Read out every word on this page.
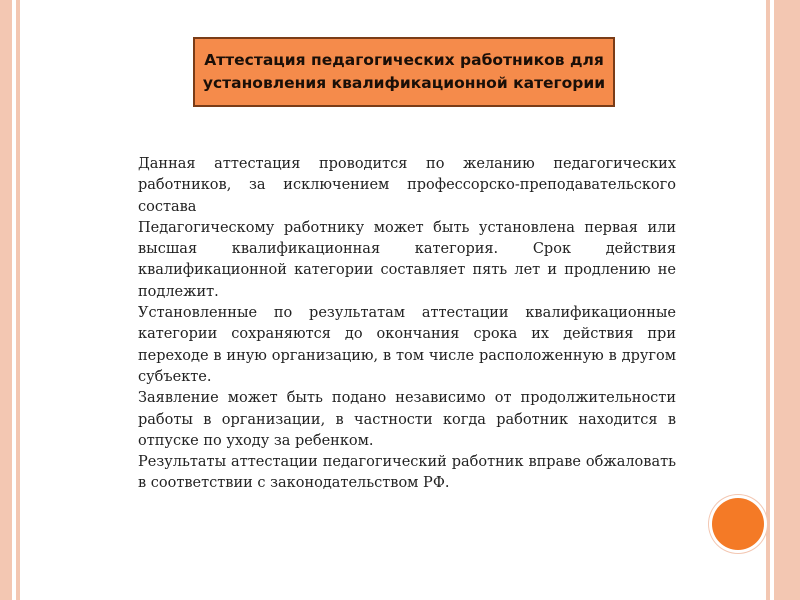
Аттестация педагогических работников для установления квалификационной категории

Данная аттестация проводится по желанию педагогических работников, за исключением профессорско-преподавательского состава

Педагогическому работнику может быть установлена первая или высшая квалификационная категория. Срок действия квалификационной категории составляет пять лет и продлению не подлежит.

Установленные по результатам аттестации квалификационные категории сохраняются до окончания срока их действия при переходе в иную организацию, в том числе расположенную в другом субъекте.

Заявление может быть подано независимо от продолжительности работы в организации, в частности когда работник находится в отпуске по уходу за ребенком.

Результаты аттестации педагогический работник вправе обжаловать в соответствии с законодательством РФ.
